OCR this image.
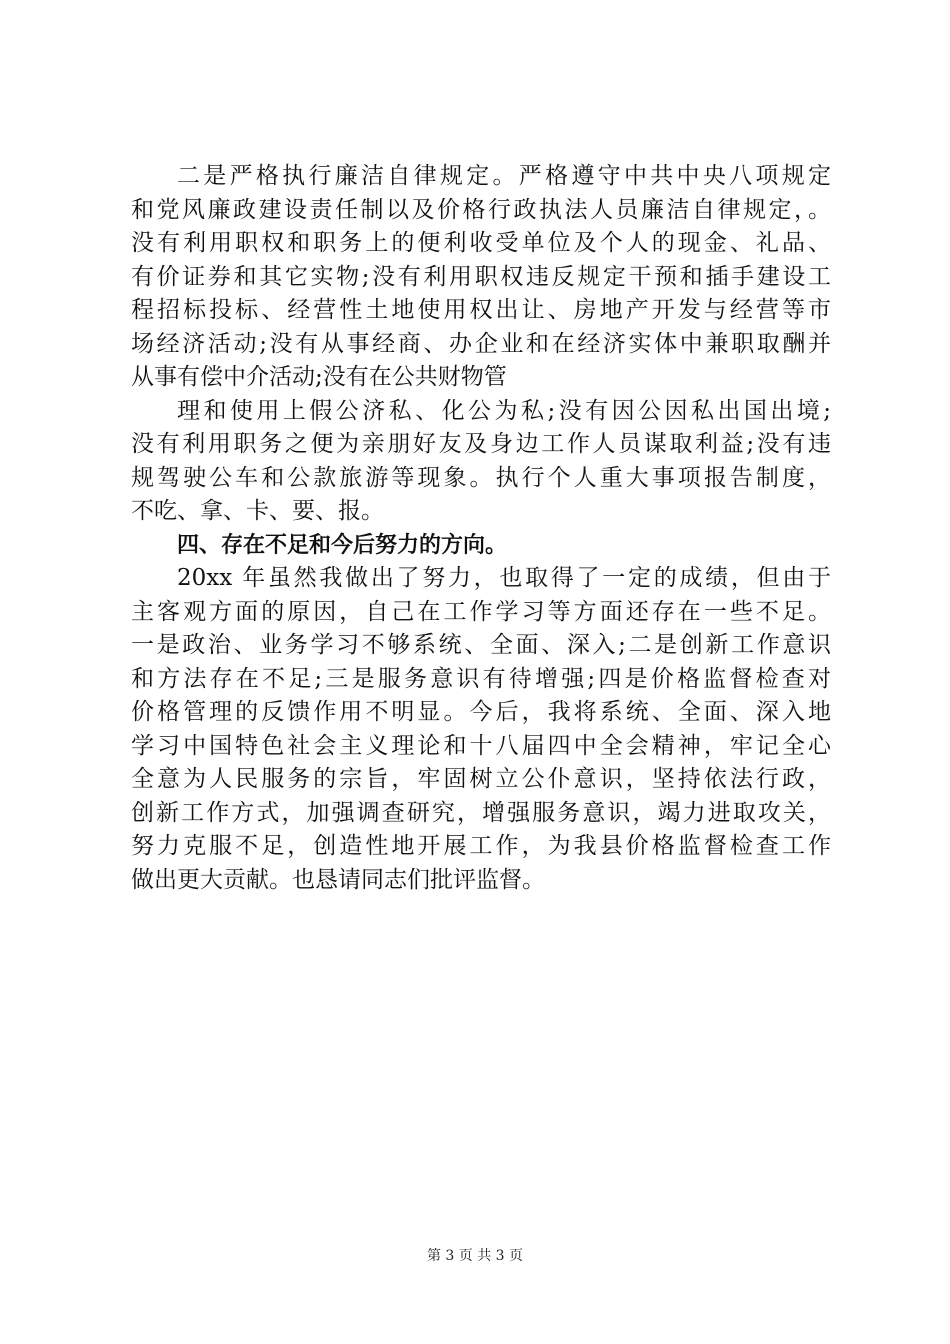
二是严格执行廉洁自律规定。严格遵守中共中央八项规定
和党风廉政建设责任制以及价格行政执法人员廉洁自律规定，。
没有利用职权和职务上的便利收受单位及个人的现金、礼品、
有价证券和其它实物;没有利用职权违反规定干预和插手建设工
程招标投标、经营性土地使用权出让、房地产开发与经营等市
场经济活动;没有从事经商、办企业和在经济实体中兼职取酬并
从事有偿中介活动;没有在公共财物管
理和使用上假公济私、化公为私;没有因公因私出国出境;
没有利用职务之便为亲朋好友及身边工作人员谋取利益;没有违
规驾驶公车和公款旅游等现象。执行个人重大事项报告制度，
不吃、拿、卡、要、报。
四、存在不足和今后努力的方向。
20xx 年虽然我做出了努力，也取得了一定的成绩，但由于
主客观方面的原因，自己在工作学习等方面还存在一些不足。
一是政治、业务学习不够系统、全面、深入;二是创新工作意识
和方法存在不足;三是服务意识有待增强;四是价格监督检查对
价格管理的反馈作用不明显。今后，我将系统、全面、深入地
学习中国特色社会主义理论和十八届四中全会精神，牢记全心
全意为人民服务的宗旨，牢固树立公仆意识，坚持依法行政，
创新工作方式，加强调查研究，增强服务意识，竭力进取攻关，
努力克服不足，创造性地开展工作，为我县价格监督检查工作
做出更大贡献。也恳请同志们批评监督。
第 3 页 共 3 页
